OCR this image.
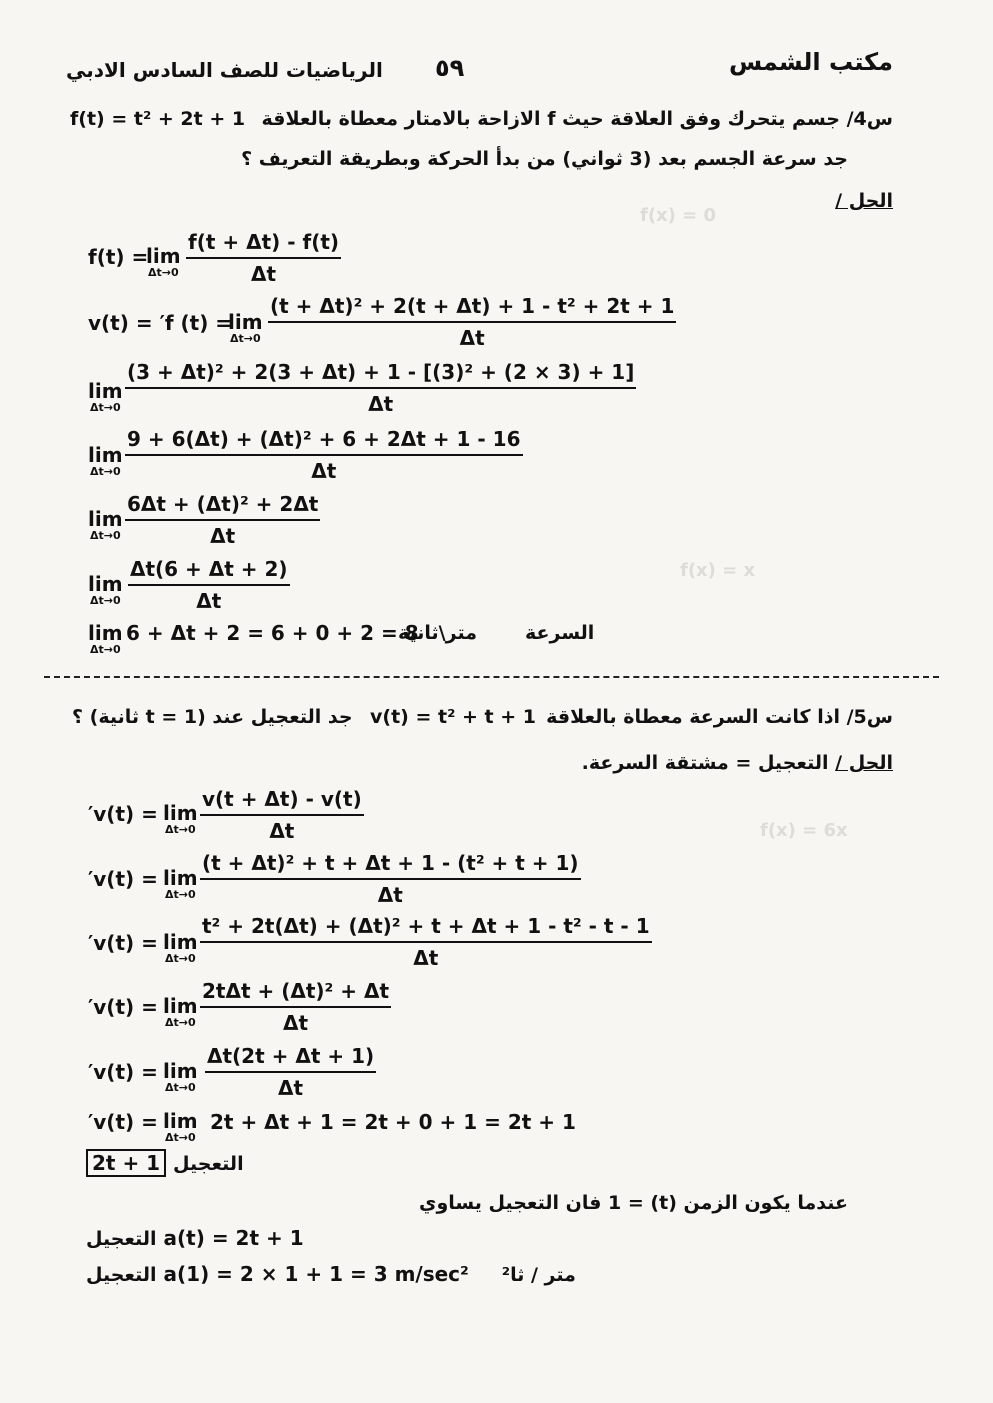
f(x) = 0
f(x) = x
f(x) = 6x
مكتب الشمس
٥٩
الرياضيات للصف السادس الادبي
س4/ جسم يتحرك وفق العلاقة حيث f الازاحة بالامتار معطاة بالعلاقة
f(t) = t² + 2t + 1
جد سرعة الجسم بعد (3 ثواني) من بدأ الحركة وبطريقة التعريف ؟
الحل /
f(t) =
lim
$\Delta t\to 0 \frac{f(t + \Delta t) - f(t)}{\Delta t}$
v(t) = ′f (t) =
lim
$\Delta t\to 0 \frac{\text{(t + Δt)² + 2(t + Δt) + 1 - t² + 2t + 1}}{\Delta t}$
lim
$\Delta t\to 0 \frac{\text{(3 + Δt)² + 2(3 + Δt) + 1 - [(3)² + (2 × 3) + 1]}}{\Delta t}$
lim
$\Delta t\to 0 \frac{\text{9 + 6(Δt) + (Δt)² + 6 + 2Δt + 1 - 16}}{\Delta t}$
lim
$\Delta t\to 0 \frac{\text{6Δt + (Δt)² + 2Δt}}{\Delta t}$
lim
$\Delta t\to 0 \frac{\Delta t(6 + \Delta t + 2)}{\Delta t}$
lim
Δt→0
6 + Δt + 2 = 6 + 0 + 2 = 8
متر\ثانية	السرعة
س5/ اذا كانت السرعة معطاة بالعلاقة
v(t) = t² + t + 1
جد التعجيل عند (t = 1 ثانية) ؟
الحل / التعجيل = مشتقة السرعة.
′v(t) = lim
$\Delta t\to 0 \frac{v(t + \Delta t) - v(t)}{\Delta t}$
′v(t) = lim
$\Delta t\to 0 \frac{\text{(t + Δt)² + t + Δt + 1 - (t² + t + 1)}}{\Delta t}$
′v(t) = lim
$\Delta t\to 0 \frac{\text{t² + 2t(Δt) + (Δt)² + t + Δt + 1 - t² - t - 1}}{\Delta t}$
′v(t) = lim
Δt→0
2tΔt + (Δt)² + Δt
Δt
′v(t) = lim
$\Delta t\to 0 \frac{\Delta t(2t + \Delta t + 1)}{\Delta t}$
′v(t) = lim
Δt→0
2t + Δt + 1 = 2t + 0 + 1 = 2t + 1
2t + 1 التعجيل
عندما يكون الزمن (t) = 1 فان التعجيل يساوي
التعجيل a(t) = 2t + 1
التعجيل a(1) = 2 × 1 + 1 = 3 m/sec² متر / ثا²
